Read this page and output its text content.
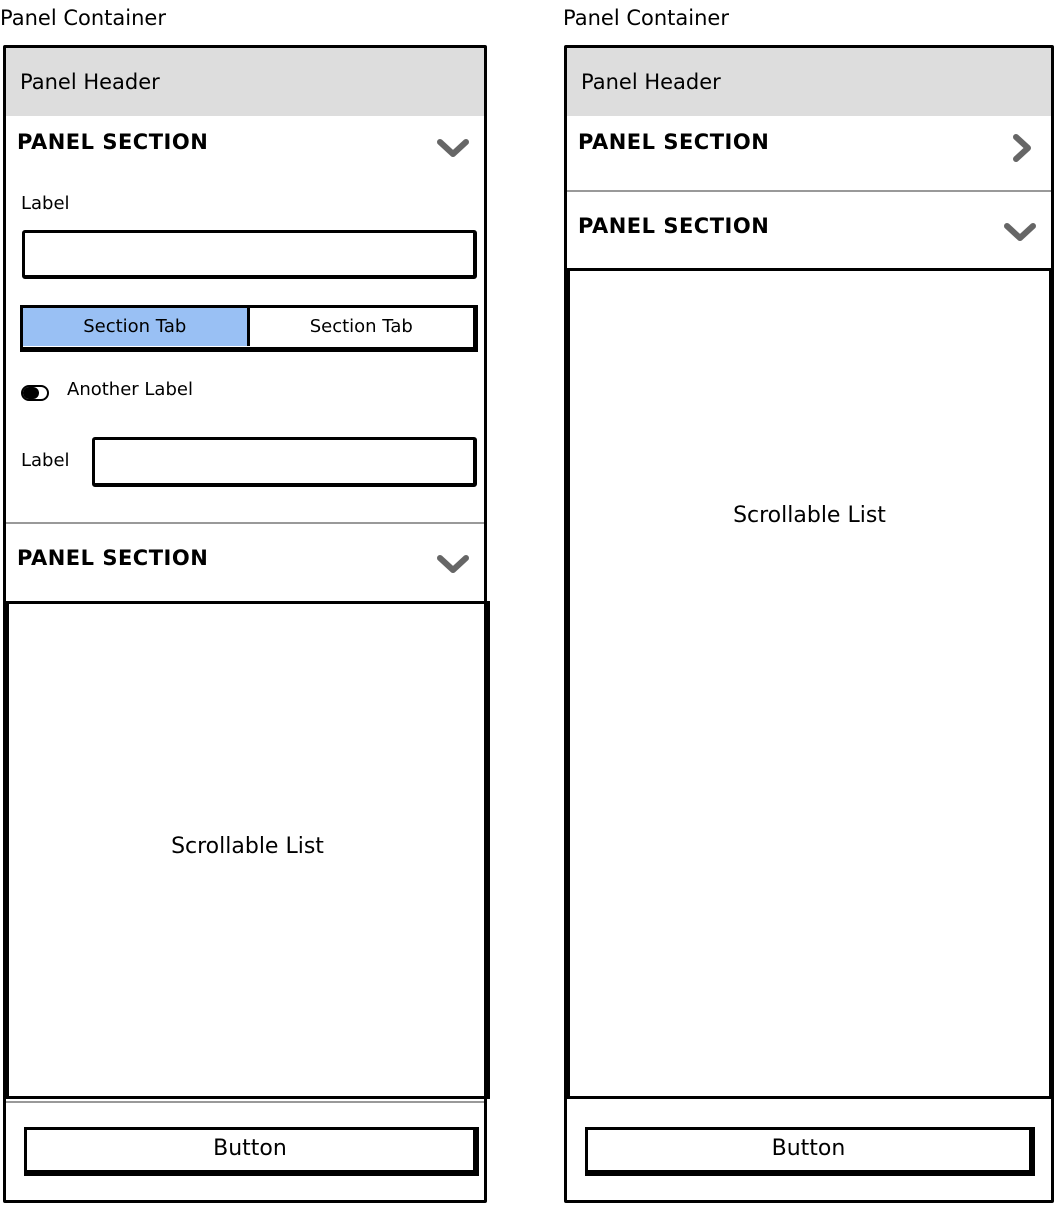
Panel Container
Panel Header
PANEL SECTION
Label
Section Tab	Section Tab
Another Label
Label
PANEL SECTION
Scrollable List
Button
Panel Container
Panel Header
PANEL SECTION
PANEL SECTION
Scrollable List
Button
